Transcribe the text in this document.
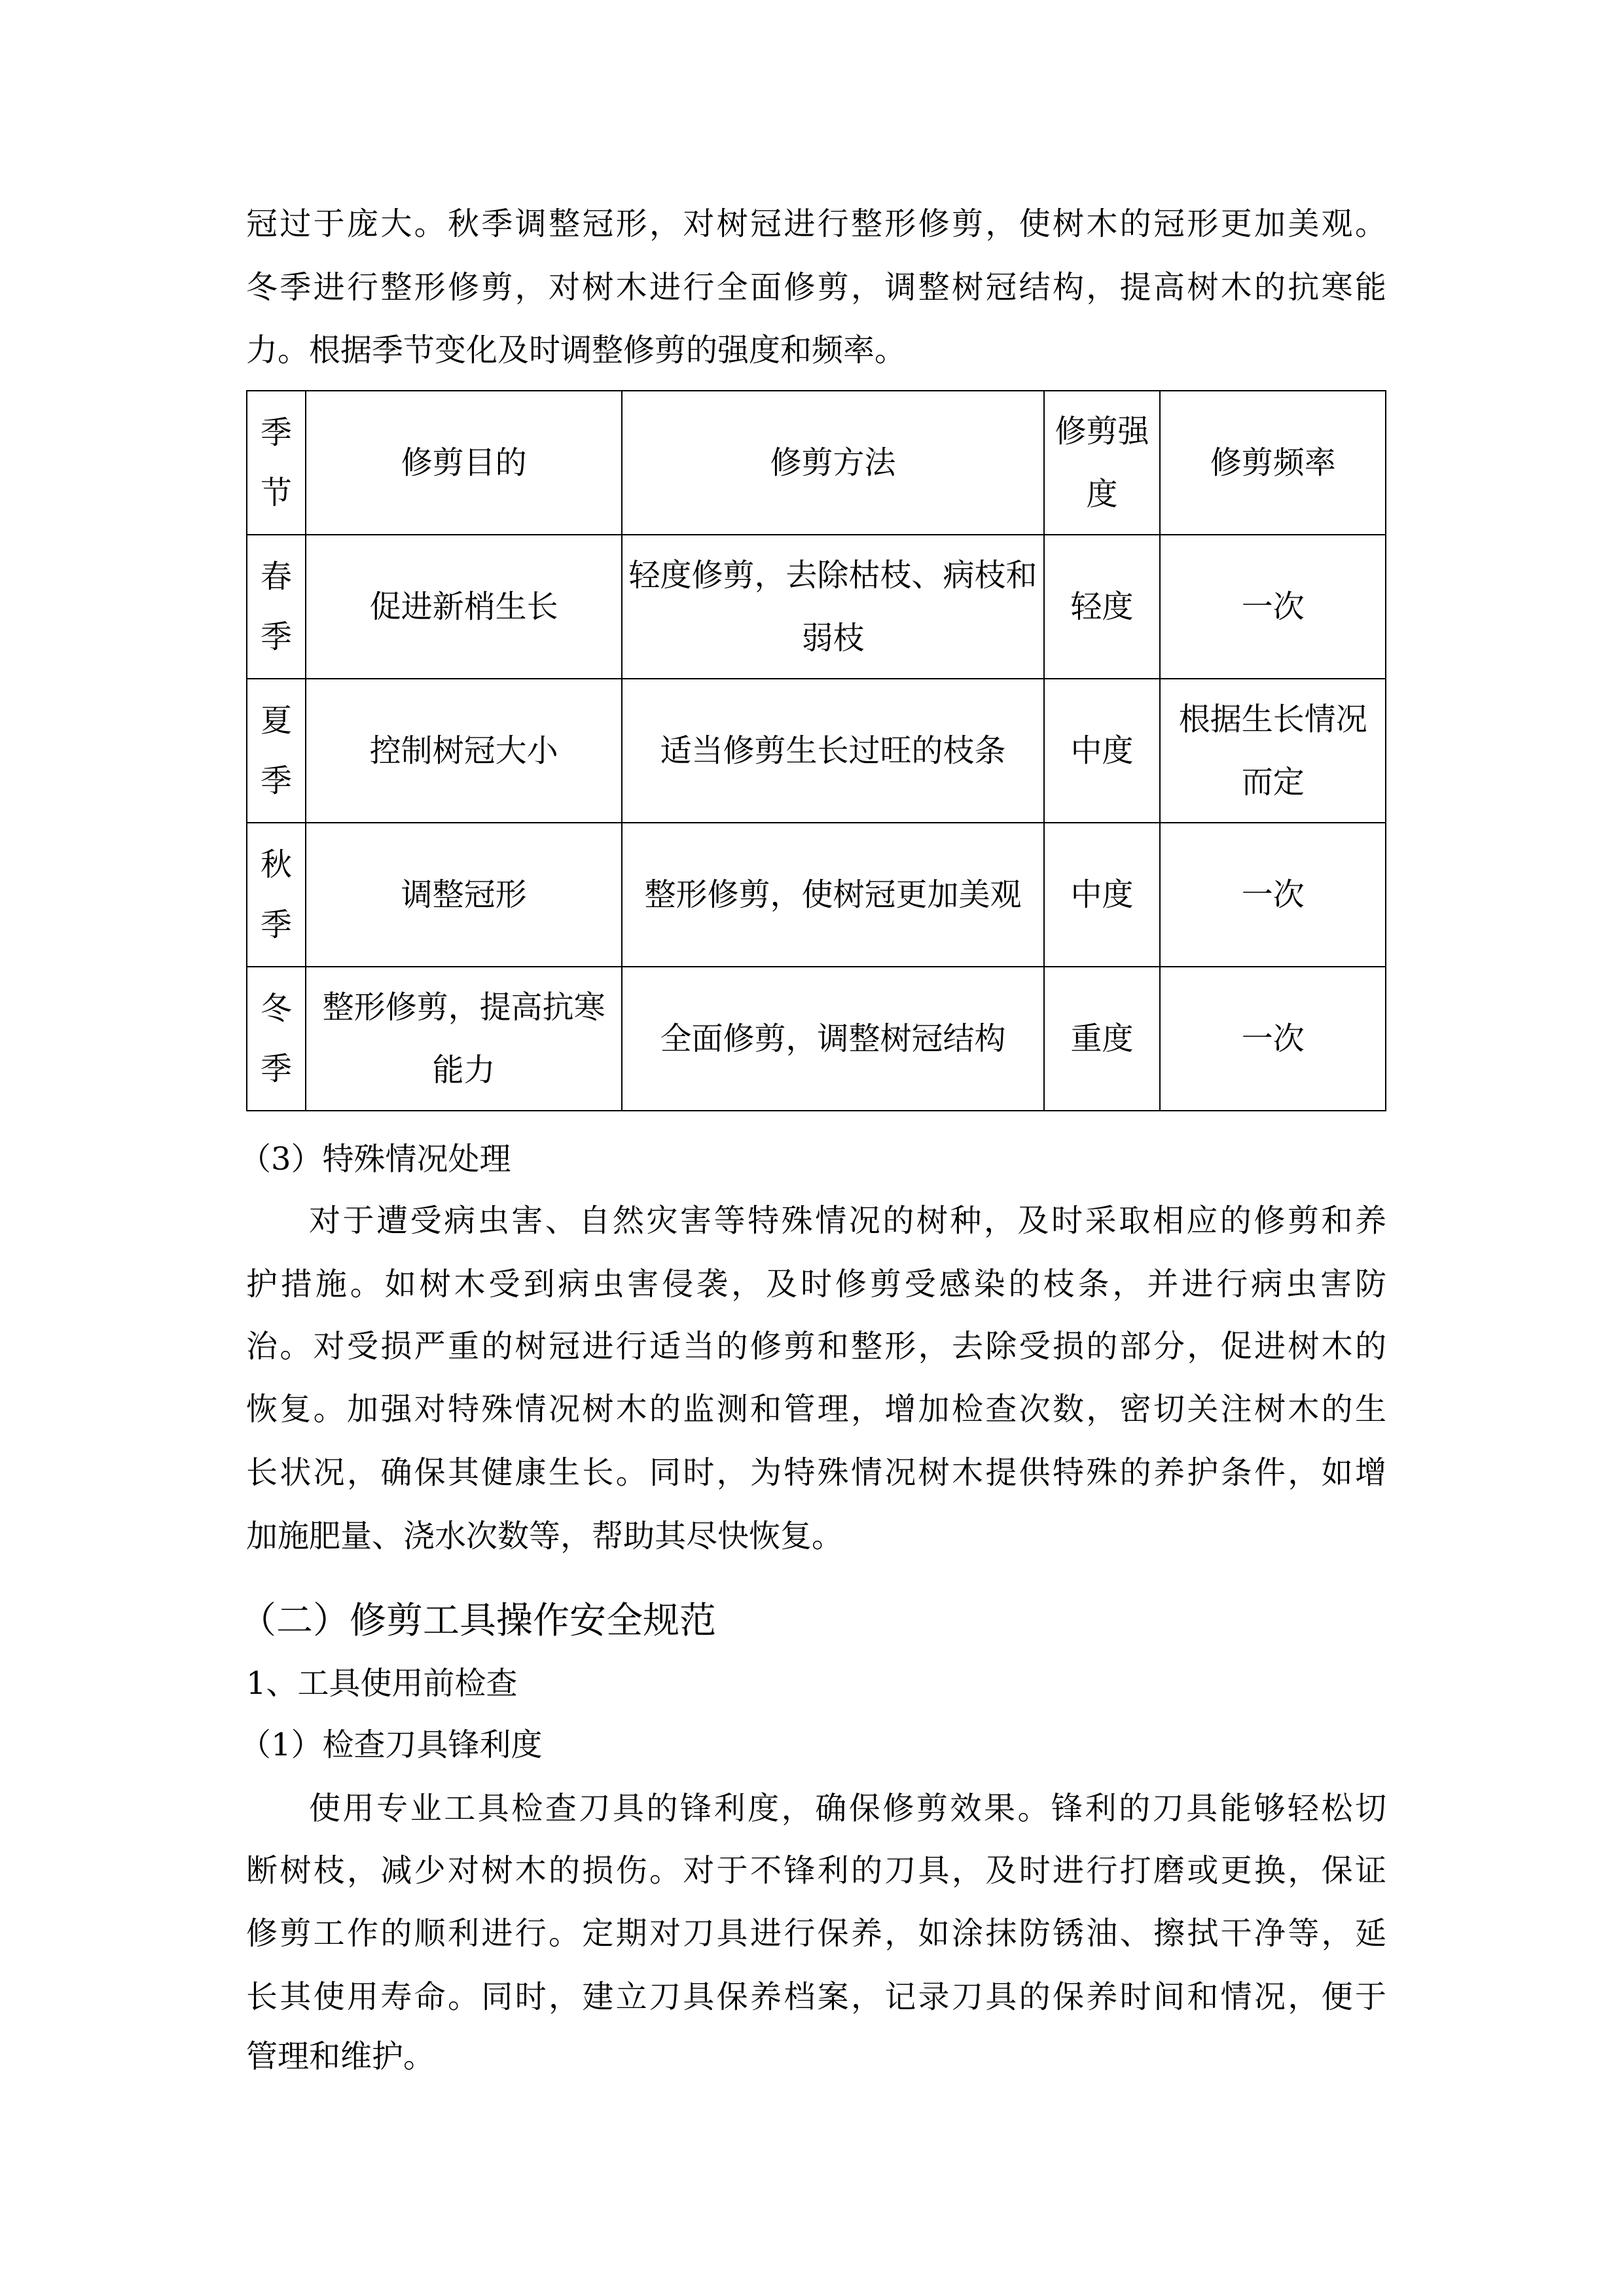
冠过于庞大。秋季调整冠形，对树冠进行整形修剪，使树木的冠形更加美观。
冬季进行整形修剪，对树木进行全面修剪，调整树冠结构，提高树木的抗寒能
力。根据季节变化及时调整修剪的强度和频率。
季节	修剪目的	修剪方法	修剪强度	修剪频率
春季	促进新梢生长	轻度修剪，去除枯枝、病枝和弱枝	轻度	一次
夏季	控制树冠大小	适当修剪生长过旺的枝条	中度	根据生长情况而定
秋季	调整冠形	整形修剪，使树冠更加美观	中度	一次
冬季	整形修剪，提高抗寒能力	全面修剪，调整树冠结构	重度	一次
（3）特殊情况处理
对于遭受病虫害、自然灾害等特殊情况的树种，及时采取相应的修剪和养
护措施。如树木受到病虫害侵袭，及时修剪受感染的枝条，并进行病虫害防
治。对受损严重的树冠进行适当的修剪和整形，去除受损的部分，促进树木的
恢复。加强对特殊情况树木的监测和管理，增加检查次数，密切关注树木的生
长状况，确保其健康生长。同时，为特殊情况树木提供特殊的养护条件，如增
加施肥量、浇水次数等，帮助其尽快恢复。
（二）修剪工具操作安全规范
1、工具使用前检查
（1）检查刀具锋利度
使用专业工具检查刀具的锋利度，确保修剪效果。锋利的刀具能够轻松切
断树枝，减少对树木的损伤。对于不锋利的刀具，及时进行打磨或更换，保证
修剪工作的顺利进行。定期对刀具进行保养，如涂抹防锈油、擦拭干净等，延
长其使用寿命。同时，建立刀具保养档案，记录刀具的保养时间和情况，便于
管理和维护。
